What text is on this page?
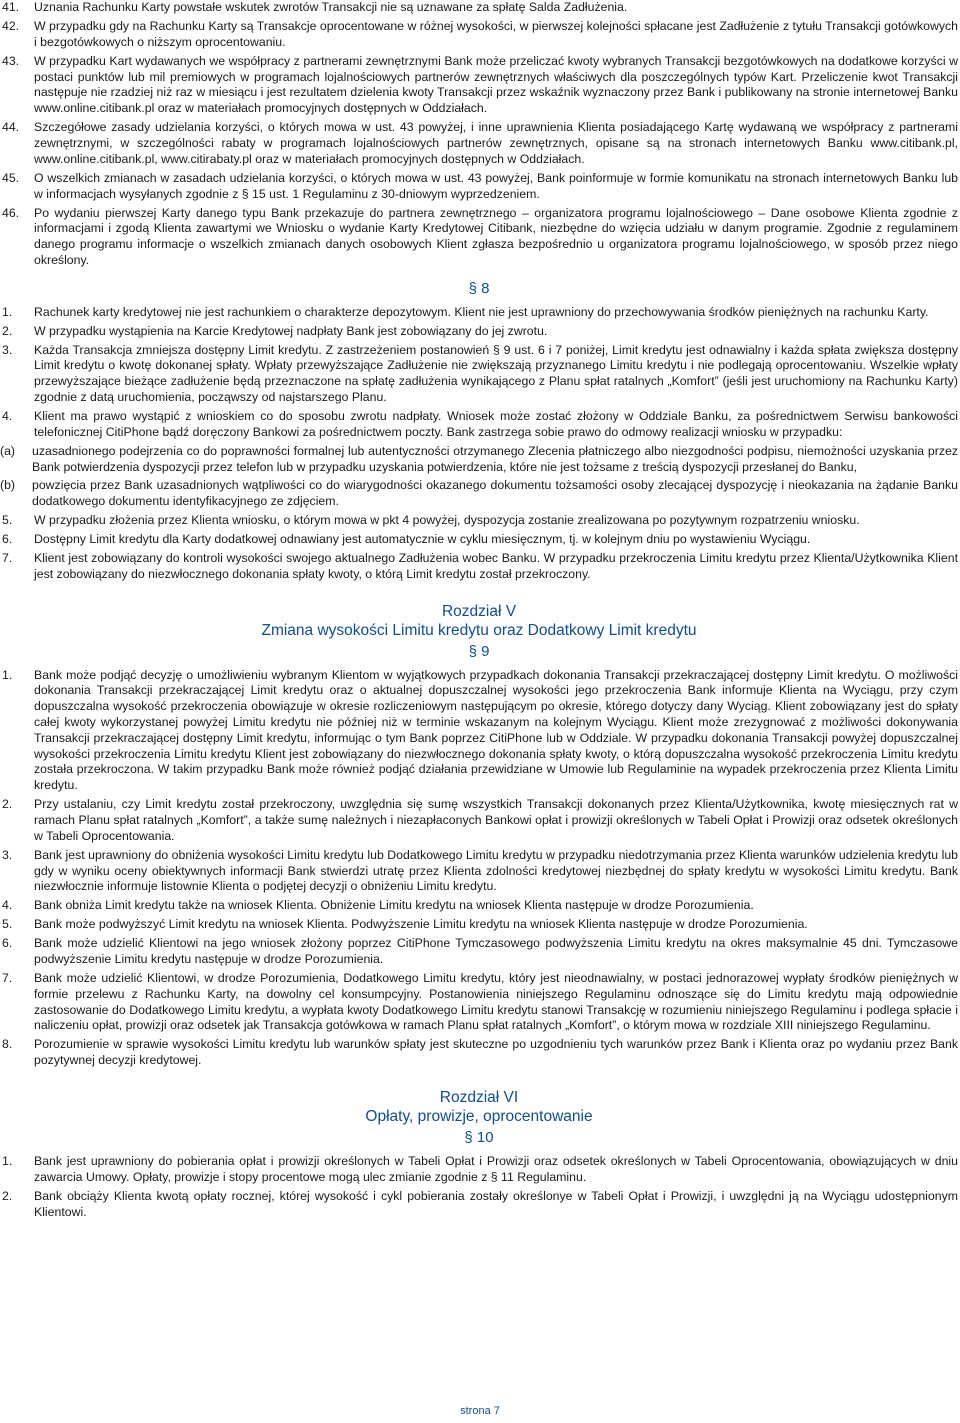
41.	Uznania Rachunku Karty powstałe wskutek zwrotów Transakcji nie są uznawane za spłatę Salda Zadłużenia.
42.	W przypadku gdy na Rachunku Karty są Transakcje oprocentowane w różnej wysokości, w pierwszej kolejności spłacane jest Zadłużenie z tytułu Transakcji gotówkowych i bezgotówkowych o niższym oprocentowaniu.
43.	W przypadku Kart wydawanych we współpracy z partnerami zewnętrznymi Bank może przeliczać kwoty wybranych Transakcji bezgotówkowych na dodatkowe korzyści w postaci punktów lub mil premiowych w programach lojalnościowych partnerów zewnętrznych właściwych dla poszczególnych typów Kart. Przeliczenie kwot Transakcji następuje nie rzadziej niż raz w miesiącu i jest rezultatem dzielenia kwoty Transakcji przez wskaźnik wyznaczony przez Bank i publikowany na stronie internetowej Banku www.online.citibank.pl oraz w materiałach promocyjnych dostępnych w Oddziałach.
44.	Szczegółowe zasady udzielania korzyści, o których mowa w ust. 43 powyżej, i inne uprawnienia Klienta posiadającego Kartę wydawaną we współpracy z partnerami zewnętrznymi, w szczególności rabaty w programach lojalnościowych partnerów zewnętrznych, opisane są na stronach internetowych Banku www.citibank.pl, www.online.citibank.pl, www.citirabaty.pl oraz w materiałach promocyjnych dostępnych w Oddziałach.
45.	O wszelkich zmianach w zasadach udzielania korzyści, o których mowa w ust. 43 powyżej, Bank poinformuje w formie komunikatu na stronach internetowych Banku lub w informacjach wysyłanych zgodnie z § 15 ust. 1 Regulaminu z 30-dniowym wyprzedzeniem.
46.	Po wydaniu pierwszej Karty danego typu Bank przekazuje do partnera zewnętrznego – organizatora programu lojalnościowego – Dane osobowe Klienta zgodnie z informacjami i zgodą Klienta zawartymi we Wniosku o wydanie Karty Kredytowej Citibank, niezbędne do wzięcia udziału w danym programie. Zgodnie z regulaminem danego programu informacje o wszelkich zmianach danych osobowych Klient zgłasza bezpośrednio u organizatora programu lojalnościowego, w sposób przez niego określony.
§ 8
1.	Rachunek karty kredytowej nie jest rachunkiem o charakterze depozytowym. Klient nie jest uprawniony do przechowywania środków pieniężnych na rachunku Karty.
2.	W przypadku wystąpienia na Karcie Kredytowej nadpłaty Bank jest zobowiązany do jej zwrotu.
3.	Każda Transakcja zmniejsza dostępny Limit kredytu. Z zastrzeżeniem postanowień § 9 ust. 6 i 7 poniżej, Limit kredytu jest odnawialny i każda spłata zwiększa dostępny Limit kredytu o kwotę dokonanej spłaty. Wpłaty przewyższające Zadłużenie nie zwiększają przyznanego Limitu kredytu i nie podlegają oprocentowaniu. Wszelkie wpłaty przewyższające bieżące zadłużenie będą przeznaczone na spłatę zadłużenia wynikającego z Planu spłat ratalnych „Komfort” (jeśli jest uruchomiony na Rachunku Karty) zgodnie z datą uruchomienia, począwszy od najstarszego Planu.
4.	Klient ma prawo wystąpić z wnioskiem co do sposobu zwrotu nadpłaty. Wniosek może zostać złożony w Oddziale Banku, za pośrednictwem Serwisu bankowości telefonicznej CitiPhone bądź doręczony Bankowi za pośrednictwem poczty. Bank zastrzega sobie prawo do odmowy realizacji wniosku w przypadku:
(a)	uzasadnionego podejrzenia co do poprawności formalnej lub autentyczności otrzymanego Zlecenia płatniczego albo niezgodności podpisu, niemożności uzyskania przez Bank potwierdzenia dyspozycji przez telefon lub w przypadku uzyskania potwierdzenia, które nie jest tożsame z treścią dyspozycji przesłanej do Banku,
(b)	powzięcia przez Bank uzasadnionych wątpliwości co do wiarygodności okazanego dokumentu tożsamości osoby zlecającej dyspozycję i nieokazania na żądanie Banku dodatkowego dokumentu identyfikacyjnego ze zdjęciem.
5.	W przypadku złożenia przez Klienta wniosku, o którym mowa w pkt 4 powyżej, dyspozycja zostanie zrealizowana po pozytywnym rozpatrzeniu wniosku.
6.	Dostępny Limit kredytu dla Karty dodatkowej odnawiany jest automatycznie w cyklu miesięcznym, tj. w kolejnym dniu po wystawieniu Wyciągu.
7.	Klient jest zobowiązany do kontroli wysokości swojego aktualnego Zadłużenia wobec Banku. W przypadku przekroczenia Limitu kredytu przez Klienta/Użytkownika Klient jest zobowiązany do niezwłocznego dokonania spłaty kwoty, o którą Limit kredytu został przekroczony.
Rozdział V
Zmiana wysokości Limitu kredytu oraz Dodatkowy Limit kredytu
§ 9
1.	Bank może podjąć decyzję o umożliwieniu wybranym Klientom w wyjątkowych przypadkach dokonania Transakcji przekraczającej dostępny Limit kredytu. O możliwości dokonania Transakcji przekraczającej Limit kredytu oraz o aktualnej dopuszczalnej wysokości jego przekroczenia Bank informuje Klienta na Wyciągu, przy czym dopuszczalna wysokość przekroczenia obowiązuje w okresie rozliczeniowym następującym po okresie, którego dotyczy dany Wyciąg. Klient zobowiązany jest do spłaty całej kwoty wykorzystanej powyżej Limitu kredytu nie później niż w terminie wskazanym na kolejnym Wyciągu. Klient może zrezygnować z możliwości dokonywania Transakcji przekraczającej dostępny Limit kredytu, informując o tym Bank poprzez CitiPhone lub w Oddziale. W przypadku dokonania Transakcji powyżej dopuszczalnej wysokości przekroczenia Limitu kredytu Klient jest zobowiązany do niezwłocznego dokonania spłaty kwoty, o którą dopuszczalna wysokość przekroczenia Limitu kredytu została przekroczona. W takim przypadku Bank może również podjąć działania przewidziane w Umowie lub Regulaminie na wypadek przekroczenia przez Klienta Limitu kredytu.
2.	Przy ustalaniu, czy Limit kredytu został przekroczony, uwzględnia się sumę wszystkich Transakcji dokonanych przez Klienta/Użytkownika, kwotę miesięcznych rat w ramach Planu spłat ratalnych „Komfort”, a także sumę należnych i niezapłaconych Bankowi opłat i prowizji określonych w Tabeli Opłat i Prowizji oraz odsetek określonych w Tabeli Oprocentowania.
3.	Bank jest uprawniony do obniżenia wysokości Limitu kredytu lub Dodatkowego Limitu kredytu w przypadku niedotrzymania przez Klienta warunków udzielenia kredytu lub gdy w wyniku oceny obiektywnych informacji Bank stwierdzi utratę przez Klienta zdolności kredytowej niezbędnej do spłaty kredytu w wysokości Limitu kredytu. Bank niezwłocznie informuje listownie Klienta o podjętej decyzji o obniżeniu Limitu kredytu.
4.	Bank obniża Limit kredytu także na wniosek Klienta. Obniżenie Limitu kredytu na wniosek Klienta następuje w drodze Porozumienia.
5.	Bank może podwyższyć Limit kredytu na wniosek Klienta. Podwyższenie Limitu kredytu na wniosek Klienta następuje w drodze Porozumienia.
6.	Bank może udzielić Klientowi na jego wniosek złożony poprzez CitiPhone Tymczasowego podwyższenia Limitu kredytu na okres maksymalnie 45 dni. Tymczasowe podwyższenie Limitu kredytu następuje w drodze Porozumienia.
7.	Bank może udzielić Klientowi, w drodze Porozumienia, Dodatkowego Limitu kredytu, który jest nieodnawialny, w postaci jednorazowej wypłaty środków pieniężnych w formie przelewu z Rachunku Karty, na dowolny cel konsumpcyjny. Postanowienia niniejszego Regulaminu odnoszące się do Limitu kredytu mają odpowiednie zastosowanie do Dodatkowego Limitu kredytu, a wypłata kwoty Dodatkowego Limitu kredytu stanowi Transakcję w rozumieniu niniejszego Regulaminu i podlega spłacie i naliczeniu opłat, prowizji oraz odsetek jak Transakcja gotówkowa w ramach Planu spłat ratalnych „Komfort”, o którym mowa w rozdziale XIII niniejszego Regulaminu.
8.	Porozumienie w sprawie wysokości Limitu kredytu lub warunków spłaty jest skuteczne po uzgodnieniu tych warunków przez Bank i Klienta oraz po wydaniu przez Bank pozytywnej decyzji kredytowej.
Rozdział VI
Opłaty, prowizje, oprocentowanie
§ 10
1.	Bank jest uprawniony do pobierania opłat i prowizji określonych w Tabeli Opłat i Prowizji oraz odsetek określonych w Tabeli Oprocentowania, obowiązujących w dniu zawarcia Umowy. Opłaty, prowizje i stopy procentowe mogą ulec zmianie zgodnie z § 11 Regulaminu.
2.	Bank obciąży Klienta kwotą opłaty rocznej, której wysokość i cykl pobierania zostały określonye w Tabeli Opłat i Prowizji, i uwzględni ją na Wyciągu udostępnionym Klientowi.
strona 7
